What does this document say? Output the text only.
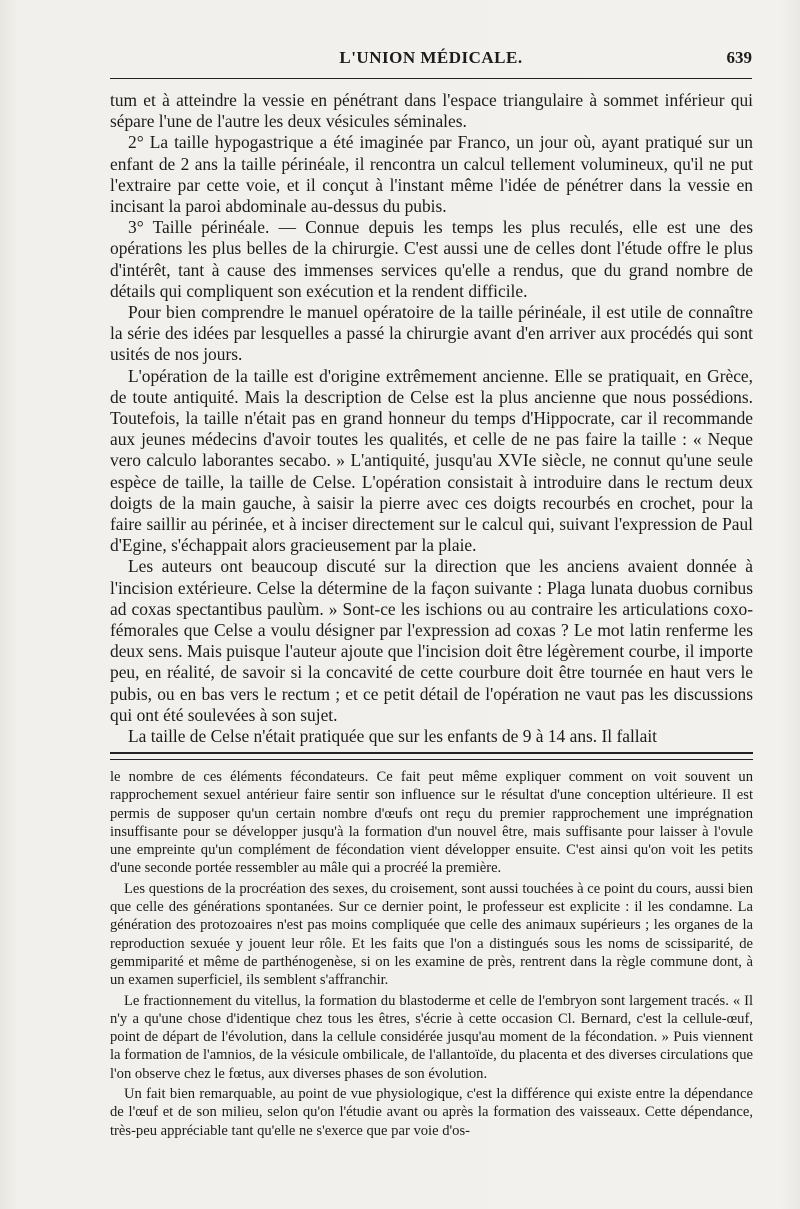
L'UNION MÉDICALE.	639

tum et à atteindre la vessie en pénétrant dans l'espace triangulaire à sommet inférieur qui sépare l'une de l'autre les deux vésicules séminales.

2° La taille hypogastrique a été imaginée par Franco, un jour où, ayant pratiqué sur un enfant de 2 ans la taille périnéale, il rencontra un calcul tellement volumineux, qu'il ne put l'extraire par cette voie, et il conçut à l'instant même l'idée de pénétrer dans la vessie en incisant la paroi abdominale au-dessus du pubis.

3° Taille périnéale. — Connue depuis les temps les plus reculés, elle est une des opérations les plus belles de la chirurgie. C'est aussi une de celles dont l'étude offre le plus d'intérêt, tant à cause des immenses services qu'elle a rendus, que du grand nombre de détails qui compliquent son exécution et la rendent difficile.

Pour bien comprendre le manuel opératoire de la taille périnéale, il est utile de connaître la série des idées par lesquelles a passé la chirurgie avant d'en arriver aux procédés qui sont usités de nos jours.

L'opération de la taille est d'origine extrêmement ancienne. Elle se pratiquait, en Grèce, de toute antiquité. Mais la description de Celse est la plus ancienne que nous possédions. Toutefois, la taille n'était pas en grand honneur du temps d'Hippocrate, car il recommande aux jeunes médecins d'avoir toutes les qualités, et celle de ne pas faire la taille : « Neque vero calculo laborantes secabo. » L'antiquité, jusqu'au XVIe siècle, ne connut qu'une seule espèce de taille, la taille de Celse. L'opération consistait à introduire dans le rectum deux doigts de la main gauche, à saisir la pierre avec ces doigts recourbés en crochet, pour la faire saillir au périnée, et à inciser directement sur le calcul qui, suivant l'expression de Paul d'Egine, s'échappait alors gracieusement par la plaie.

Les auteurs ont beaucoup discuté sur la direction que les anciens avaient donnée à l'incision extérieure. Celse la détermine de la façon suivante : Plaga lunata duobus cornibus ad coxas spectantibus paulùm. » Sont-ce les ischions ou au contraire les articulations coxo-fémorales que Celse a voulu désigner par l'expression ad coxas ? Le mot latin renferme les deux sens. Mais puisque l'auteur ajoute que l'incision doit être légèrement courbe, il importe peu, en réalité, de savoir si la concavité de cette courbure doit être tournée en haut vers le pubis, ou en bas vers le rectum ; et ce petit détail de l'opération ne vaut pas les discussions qui ont été soulevées à son sujet.

La taille de Celse n'était pratiquée que sur les enfants de 9 à 14 ans. Il fallait

le nombre de ces éléments fécondateurs. Ce fait peut même expliquer comment on voit souvent un rapprochement sexuel antérieur faire sentir son influence sur le résultat d'une conception ultérieure. Il est permis de supposer qu'un certain nombre d'œufs ont reçu du premier rapprochement une imprégnation insuffisante pour se développer jusqu'à la formation d'un nouvel être, mais suffisante pour laisser à l'ovule une empreinte qu'un complément de fécondation vient développer ensuite. C'est ainsi qu'on voit les petits d'une seconde portée ressembler au mâle qui a procréé la première.

Les questions de la procréation des sexes, du croisement, sont aussi touchées à ce point du cours, aussi bien que celle des générations spontanées. Sur ce dernier point, le professeur est explicite : il les condamne. La génération des protozoaires n'est pas moins compliquée que celle des animaux supérieurs ; les organes de la reproduction sexuée y jouent leur rôle. Et les faits que l'on a distingués sous les noms de scissiparité, de gemmiparité et même de parthénogenèse, si on les examine de près, rentrent dans la règle commune dont, à un examen superficiel, ils semblent s'affranchir.

Le fractionnement du vitellus, la formation du blastoderme et celle de l'embryon sont largement tracés. « Il n'y a qu'une chose d'identique chez tous les êtres, s'écrie à cette occasion Cl. Bernard, c'est la cellule-œuf, point de départ de l'évolution, dans la cellule considérée jusqu'au moment de la fécondation. » Puis viennent la formation de l'amnios, de la vésicule ombilicale, de l'allantoïde, du placenta et des diverses circulations que l'on observe chez le fœtus, aux diverses phases de son évolution.

Un fait bien remarquable, au point de vue physiologique, c'est la différence qui existe entre la dépendance de l'œuf et de son milieu, selon qu'on l'étudie avant ou après la formation des vaisseaux. Cette dépendance, très-peu appréciable tant qu'elle ne s'exerce que par voie d'os-
